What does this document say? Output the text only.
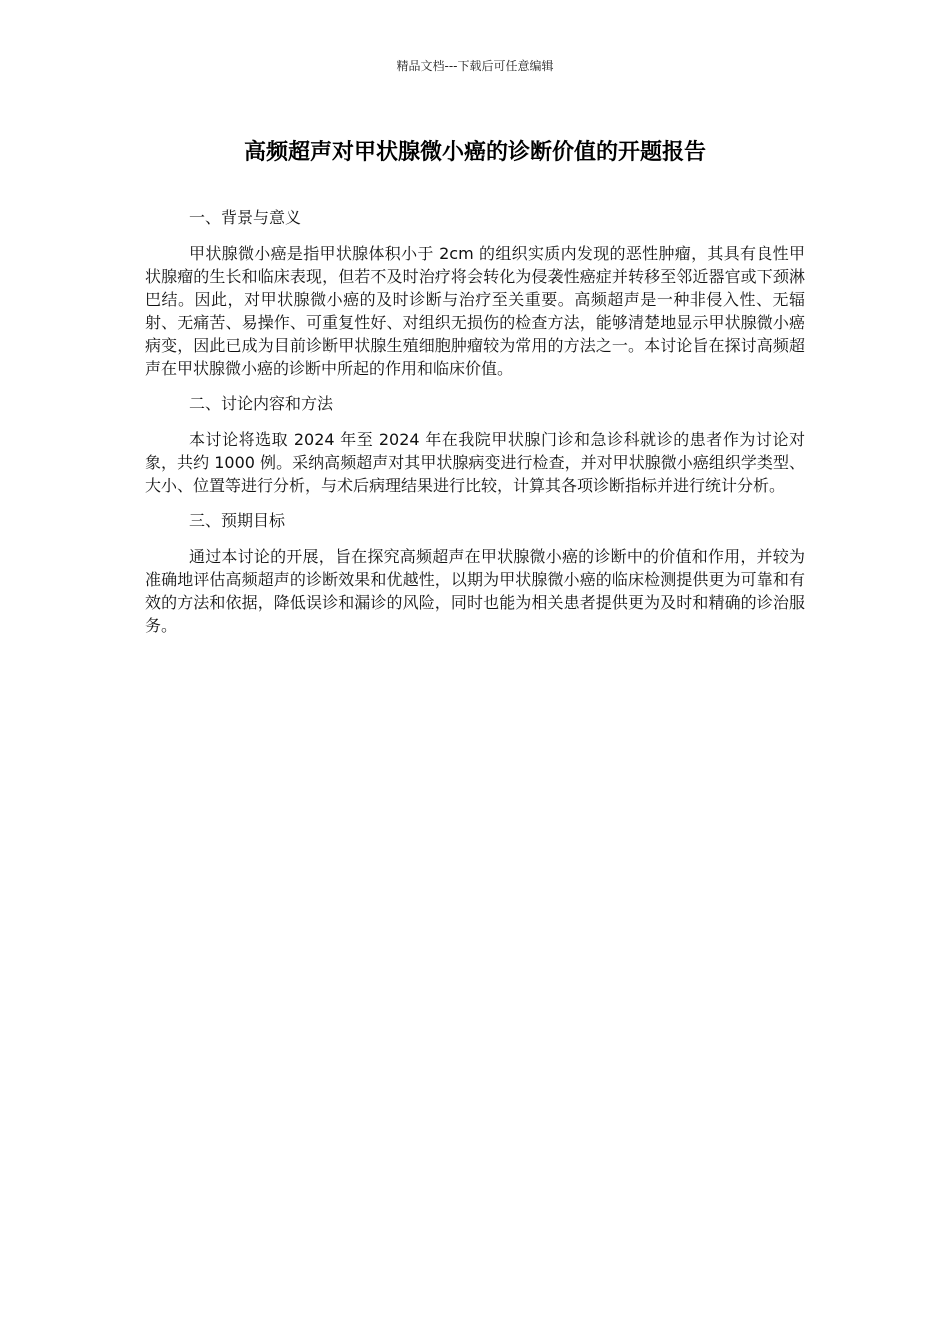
精品文档---下载后可任意编辑
高频超声对甲状腺微小癌的诊断价值的开题报告

一、背景与意义

甲状腺微小癌是指甲状腺体积小于 2cm 的组织实质内发现的恶性肿瘤，其具有良性甲状腺瘤的生长和临床表现，但若不及时治疗将会转化为侵袭性癌症并转移至邻近器官或下颈淋巴结。因此，对甲状腺微小癌的及时诊断与治疗至关重要。高频超声是一种非侵入性、无辐射、无痛苦、易操作、可重复性好、对组织无损伤的检查方法，能够清楚地显示甲状腺微小癌病变，因此已成为目前诊断甲状腺生殖细胞肿瘤较为常用的方法之一。本讨论旨在探讨高频超声在甲状腺微小癌的诊断中所起的作用和临床价值。

二、讨论内容和方法

本讨论将选取 2024 年至 2024 年在我院甲状腺门诊和急诊科就诊的患者作为讨论对象，共约 1000 例。采纳高频超声对其甲状腺病变进行检查，并对甲状腺微小癌组织学类型、大小、位置等进行分析，与术后病理结果进行比较，计算其各项诊断指标并进行统计分析。

三、预期目标

通过本讨论的开展，旨在探究高频超声在甲状腺微小癌的诊断中的价值和作用，并较为准确地评估高频超声的诊断效果和优越性，以期为甲状腺微小癌的临床检测提供更为可靠和有效的方法和依据，降低误诊和漏诊的风险，同时也能为相关患者提供更为及时和精确的诊治服务。
